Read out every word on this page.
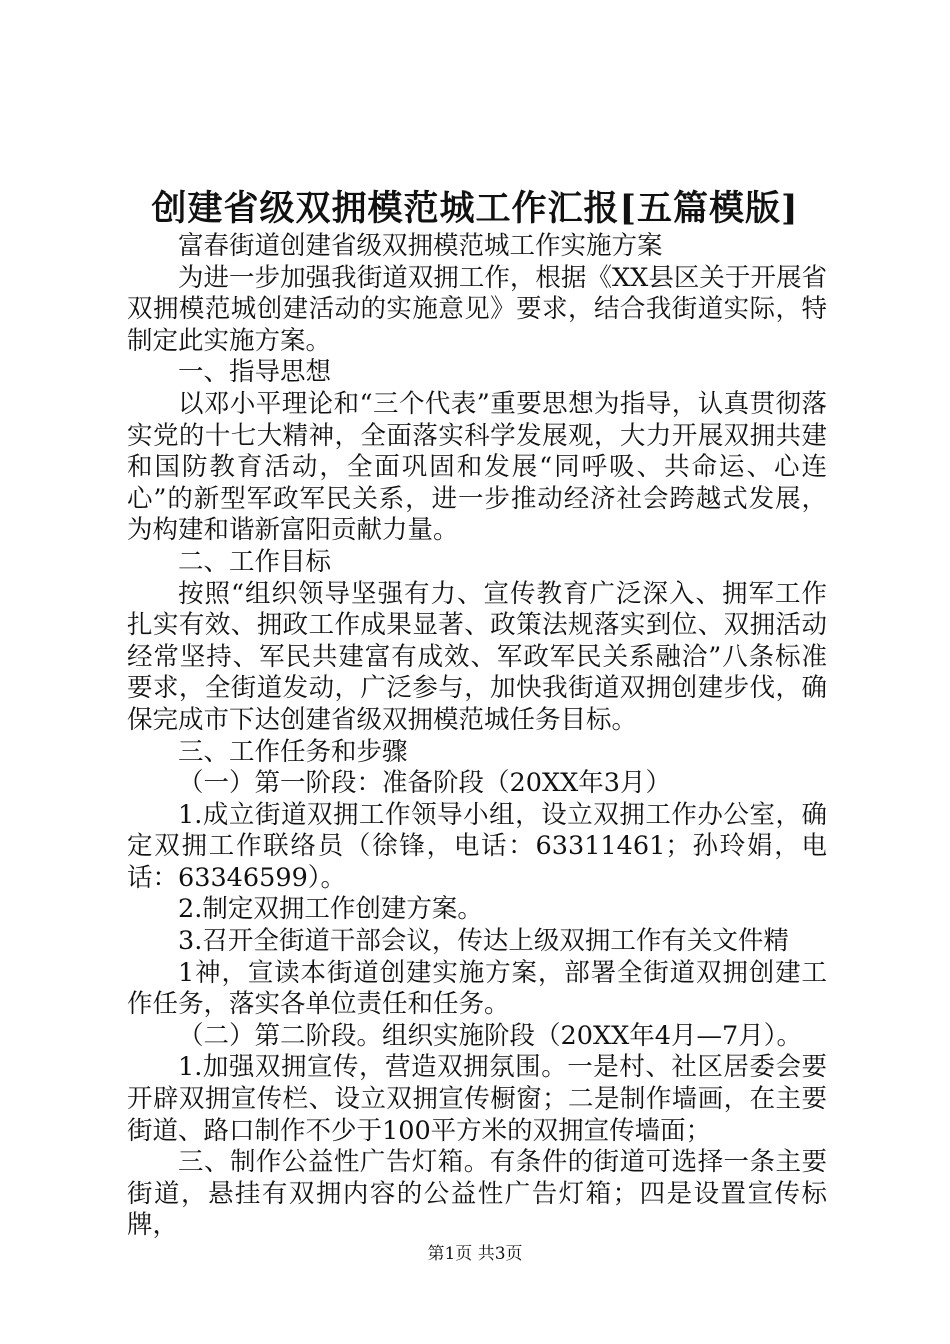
创建省级双拥模范城工作汇报[五篇模版]

富春街道创建省级双拥模范城工作实施方案

为进一步加强我街道双拥工作，根据《XX县区关于开展省双拥模范城创建活动的实施意见》要求，结合我街道实际，特制定此实施方案。

一、指导思想

以邓小平理论和“三个代表”重要思想为指导，认真贯彻落实党的十七大精神，全面落实科学发展观，大力开展双拥共建和国防教育活动，全面巩固和发展“同呼吸、共命运、心连心”的新型军政军民关系，进一步推动经济社会跨越式发展，为构建和谐新富阳贡献力量。

二、工作目标

按照“组织领导坚强有力、宣传教育广泛深入、拥军工作扎实有效、拥政工作成果显著、政策法规落实到位、双拥活动经常坚持、军民共建富有成效、军政军民关系融洽”八条标准要求，全街道发动，广泛参与，加快我街道双拥创建步伐，确保完成市下达创建省级双拥模范城任务目标。

三、工作任务和步骤

（一）第一阶段：准备阶段（20XX年3月）

1.成立街道双拥工作领导小组，设立双拥工作办公室，确定双拥工作联络员（徐锋，电话：63311461；孙玲娟，电话：63346599）。

2.制定双拥工作创建方案。

3.召开全街道干部会议，传达上级双拥工作有关文件精

1神，宣读本街道创建实施方案，部署全街道双拥创建工作任务，落实各单位责任和任务。

（二）第二阶段。组织实施阶段（20XX年4月—7月）。

1.加强双拥宣传，营造双拥氛围。一是村、社区居委会要开辟双拥宣传栏、设立双拥宣传橱窗；二是制作墙画，在主要街道、路口制作不少于100平方米的双拥宣传墙面；

三、制作公益性广告灯箱。有条件的街道可选择一条主要街道，悬挂有双拥内容的公益性广告灯箱；四是设置宣传标牌，

第1页 共3页
